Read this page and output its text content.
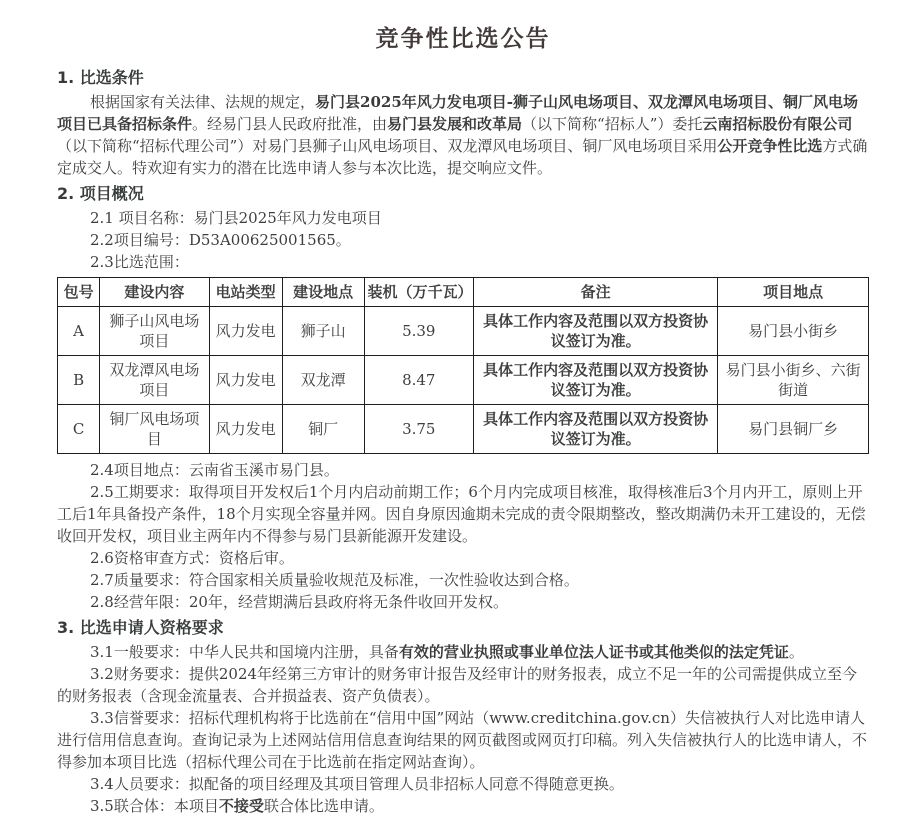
竞争性比选公告
1. 比选条件

根据国家有关法律、法规的规定，易门县2025年风力发电项目-狮子山风电场项目、双龙潭风电场项目、铜厂风电场项目已具备招标条件。经易门县人民政府批准，由易门县发展和改革局（以下简称“招标人”）委托云南招标股份有限公司（以下简称“招标代理公司”）对易门县狮子山风电场项目、双龙潭风电场项目、铜厂风电场项目采用公开竞争性比选方式确定成交人。特欢迎有实力的潜在比选申请人参与本次比选，提交响应文件。

2. 项目概况

2.1 项目名称：易门县2025年风力发电项目

2.2项目编号：D53A00625001565。

2.3比选范围：

包号	建设内容	电站类型	建设地点	装机（万千瓦）	备注	项目地点
A	狮子山风电场项目	风力发电	狮子山	5.39	具体工作内容及范围以双方投资协议签订为准。	易门县小街乡
B	双龙潭风电场项目	风力发电	双龙潭	8.47	具体工作内容及范围以双方投资协议签订为准。	易门县小街乡、六街街道
C	铜厂风电场项目	风力发电	铜厂	3.75	具体工作内容及范围以双方投资协议签订为准。	易门县铜厂乡

2.4项目地点：云南省玉溪市易门县。

2.5工期要求：取得项目开发权后1个月内启动前期工作；6个月内完成项目核准，取得核准后3个月内开工，原则上开工后1年具备投产条件，18个月实现全容量并网。因自身原因逾期未完成的责令限期整改，整改期满仍未开工建设的，无偿收回开发权，项目业主两年内不得参与易门县新能源开发建设。

2.6资格审查方式：资格后审。

2.7质量要求：符合国家相关质量验收规范及标准，一次性验收达到合格。

2.8经营年限：20年，经营期满后县政府将无条件收回开发权。

3. 比选申请人资格要求

3.1一般要求：中华人民共和国境内注册，具备有效的营业执照或事业单位法人证书或其他类似的法定凭证。

3.2财务要求：提供2024年经第三方审计的财务审计报告及经审计的财务报表，成立不足一年的公司需提供成立至今的财务报表（含现金流量表、合并损益表、资产负债表）。

3.3信誉要求：招标代理机构将于比选前在“信用中国”网站（www.creditchina.gov.cn）失信被执行人对比选申请人进行信用信息查询。查询记录为上述网站信用信息查询结果的网页截图或网页打印稿。列入失信被执行人的比选申请人，不得参加本项目比选（招标代理公司在于比选前在指定网站查询）。

3.4人员要求：拟配备的项目经理及其项目管理人员非招标人同意不得随意更换。

3.5联合体：本项目不接受联合体比选申请。
